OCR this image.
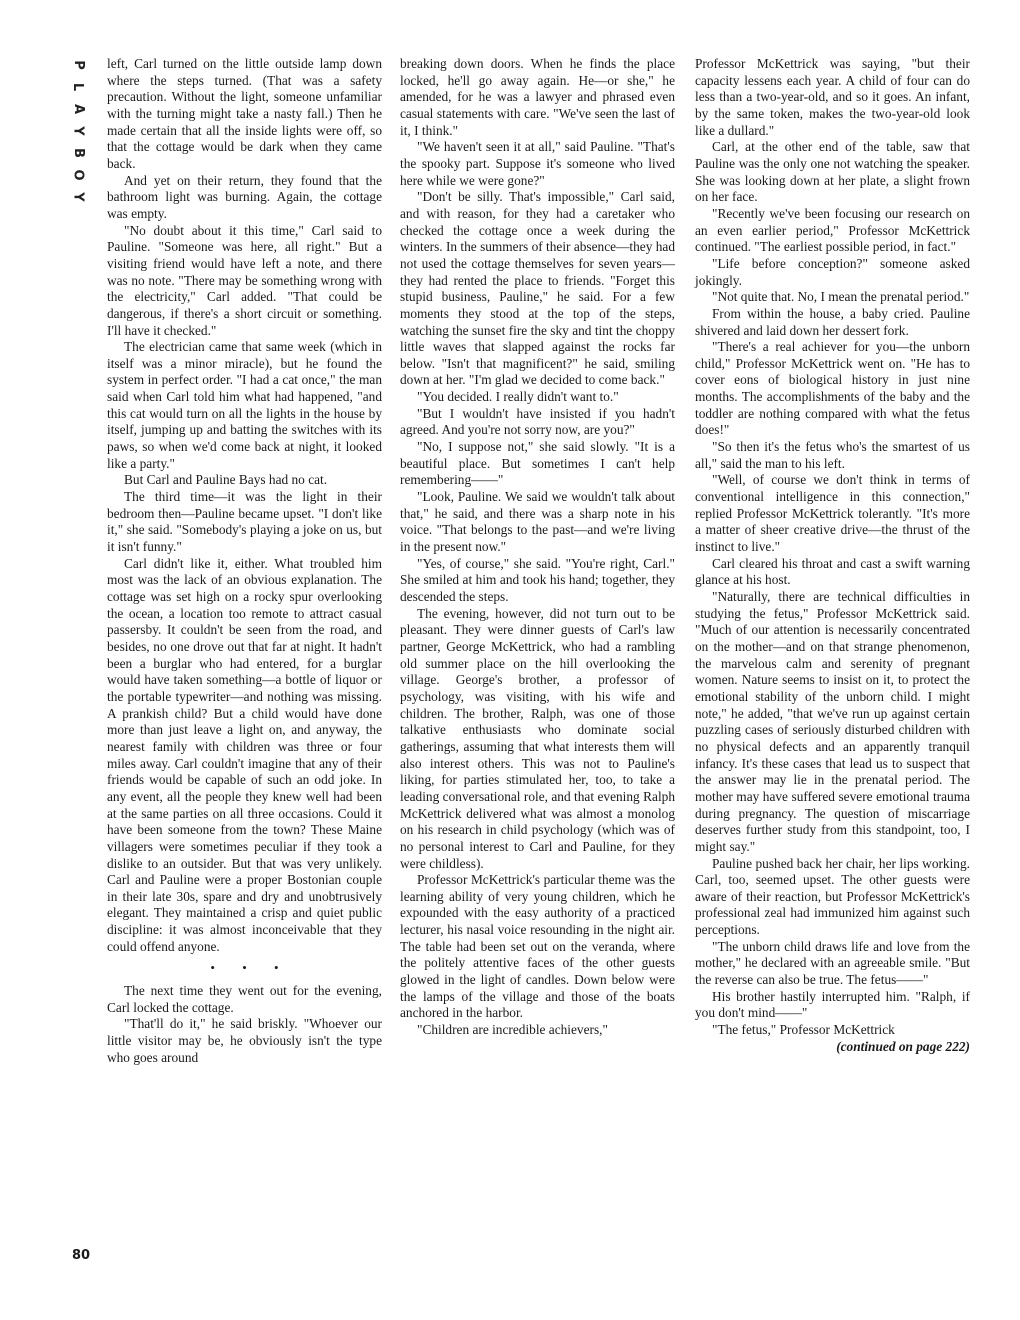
P
L
A
Y
B
O
Y
80

left, Carl turned on the little outside lamp down where the steps turned. (That was a safety precaution. Without the light, someone unfamiliar with the turning might take a nasty fall.) Then he made certain that all the inside lights were off, so that the cottage would be dark when they came back.

And yet on their return, they found that the bathroom light was burning. Again, the cottage was empty.

"No doubt about it this time," Carl said to Pauline. "Someone was here, all right." But a visiting friend would have left a note, and there was no note. "There may be something wrong with the electricity," Carl added. "That could be dangerous, if there's a short circuit or something. I'll have it checked."

The electrician came that same week (which in itself was a minor miracle), but he found the system in perfect order. "I had a cat once," the man said when Carl told him what had happened, "and this cat would turn on all the lights in the house by itself, jumping up and batting the switches with its paws, so when we'd come back at night, it looked like a party."

But Carl and Pauline Bays had no cat.

The third time—it was the light in their bedroom then—Pauline became upset. "I don't like it," she said. "Somebody's playing a joke on us, but it isn't funny."

Carl didn't like it, either. What troubled him most was the lack of an obvious explanation. The cottage was set high on a rocky spur overlooking the ocean, a location too remote to attract casual passersby. It couldn't be seen from the road, and besides, no one drove out that far at night. It hadn't been a burglar who had entered, for a burglar would have taken something—a bottle of liquor or the portable typewriter—and nothing was missing. A prankish child? But a child would have done more than just leave a light on, and anyway, the nearest family with children was three or four miles away. Carl couldn't imagine that any of their friends would be capable of such an odd joke. In any event, all the people they knew well had been at the same parties on all three occasions. Could it have been someone from the town? These Maine villagers were sometimes peculiar if they took a dislike to an outsider. But that was very unlikely. Carl and Pauline were a proper Bostonian couple in their late 30s, spare and dry and unobtrusively elegant. They maintained a crisp and quiet public discipline: it was almost inconceivable that they could offend anyone.

• • •

The next time they went out for the evening, Carl locked the cottage.

"That'll do it," he said briskly. "Whoever our little visitor may be, he obviously isn't the type who goes around

breaking down doors. When he finds the place locked, he'll go away again. He—or she," he amended, for he was a lawyer and phrased even casual statements with care. "We've seen the last of it, I think."

"We haven't seen it at all," said Pauline. "That's the spooky part. Suppose it's someone who lived here while we were gone?"

"Don't be silly. That's impossible," Carl said, and with reason, for they had a caretaker who checked the cottage once a week during the winters. In the summers of their absence—they had not used the cottage themselves for seven years—they had rented the place to friends. "Forget this stupid business, Pauline," he said. For a few moments they stood at the top of the steps, watching the sunset fire the sky and tint the choppy little waves that slapped against the rocks far below. "Isn't that magnificent?" he said, smiling down at her. "I'm glad we decided to come back."

"You decided. I really didn't want to."

"But I wouldn't have insisted if you hadn't agreed. And you're not sorry now, are you?"

"No, I suppose not," she said slowly. "It is a beautiful place. But sometimes I can't help remembering——"

"Look, Pauline. We said we wouldn't talk about that," he said, and there was a sharp note in his voice. "That belongs to the past—and we're living in the present now."

"Yes, of course," she said. "You're right, Carl." She smiled at him and took his hand; together, they descended the steps.

The evening, however, did not turn out to be pleasant. They were dinner guests of Carl's law partner, George McKettrick, who had a rambling old summer place on the hill overlooking the village. George's brother, a professor of psychology, was visiting, with his wife and children. The brother, Ralph, was one of those talkative enthusiasts who dominate social gatherings, assuming that what interests them will also interest others. This was not to Pauline's liking, for parties stimulated her, too, to take a leading conversational role, and that evening Ralph McKettrick delivered what was almost a monolog on his research in child psychology (which was of no personal interest to Carl and Pauline, for they were childless).

Professor McKettrick's particular theme was the learning ability of very young children, which he expounded with the easy authority of a practiced lecturer, his nasal voice resounding in the night air. The table had been set out on the veranda, where the politely attentive faces of the other guests glowed in the light of candles. Down below were the lamps of the village and those of the boats anchored in the harbor.

"Children are incredible achievers,"

Professor McKettrick was saying, "but their capacity lessens each year. A child of four can do less than a two-year-old, and so it goes. An infant, by the same token, makes the two-year-old look like a dullard."

Carl, at the other end of the table, saw that Pauline was the only one not watching the speaker. She was looking down at her plate, a slight frown on her face.

"Recently we've been focusing our research on an even earlier period," Professor McKettrick continued. "The earliest possible period, in fact."

"Life before conception?" someone asked jokingly.

"Not quite that. No, I mean the prenatal period."

From within the house, a baby cried. Pauline shivered and laid down her dessert fork.

"There's a real achiever for you—the unborn child," Professor McKettrick went on. "He has to cover eons of biological history in just nine months. The accomplishments of the baby and the toddler are nothing compared with what the fetus does!"

"So then it's the fetus who's the smartest of us all," said the man to his left.

"Well, of course we don't think in terms of conventional intelligence in this connection," replied Professor McKettrick tolerantly. "It's more a matter of sheer creative drive—the thrust of the instinct to live."

Carl cleared his throat and cast a swift warning glance at his host.

"Naturally, there are technical difficulties in studying the fetus," Professor McKettrick said. "Much of our attention is necessarily concentrated on the mother—and on that strange phenomenon, the marvelous calm and serenity of pregnant women. Nature seems to insist on it, to protect the emotional stability of the unborn child. I might note," he added, "that we've run up against certain puzzling cases of seriously disturbed children with no physical defects and an apparently tranquil infancy. It's these cases that lead us to suspect that the answer may lie in the prenatal period. The mother may have suffered severe emotional trauma during pregnancy. The question of miscarriage deserves further study from this standpoint, too, I might say."

Pauline pushed back her chair, her lips working. Carl, too, seemed upset. The other guests were aware of their reaction, but Professor McKettrick's professional zeal had immunized him against such perceptions.

"The unborn child draws life and love from the mother," he declared with an agreeable smile. "But the reverse can also be true. The fetus——"

His brother hastily interrupted him. "Ralph, if you don't mind——"

"The fetus," Professor McKettrick

(continued on page 222)
